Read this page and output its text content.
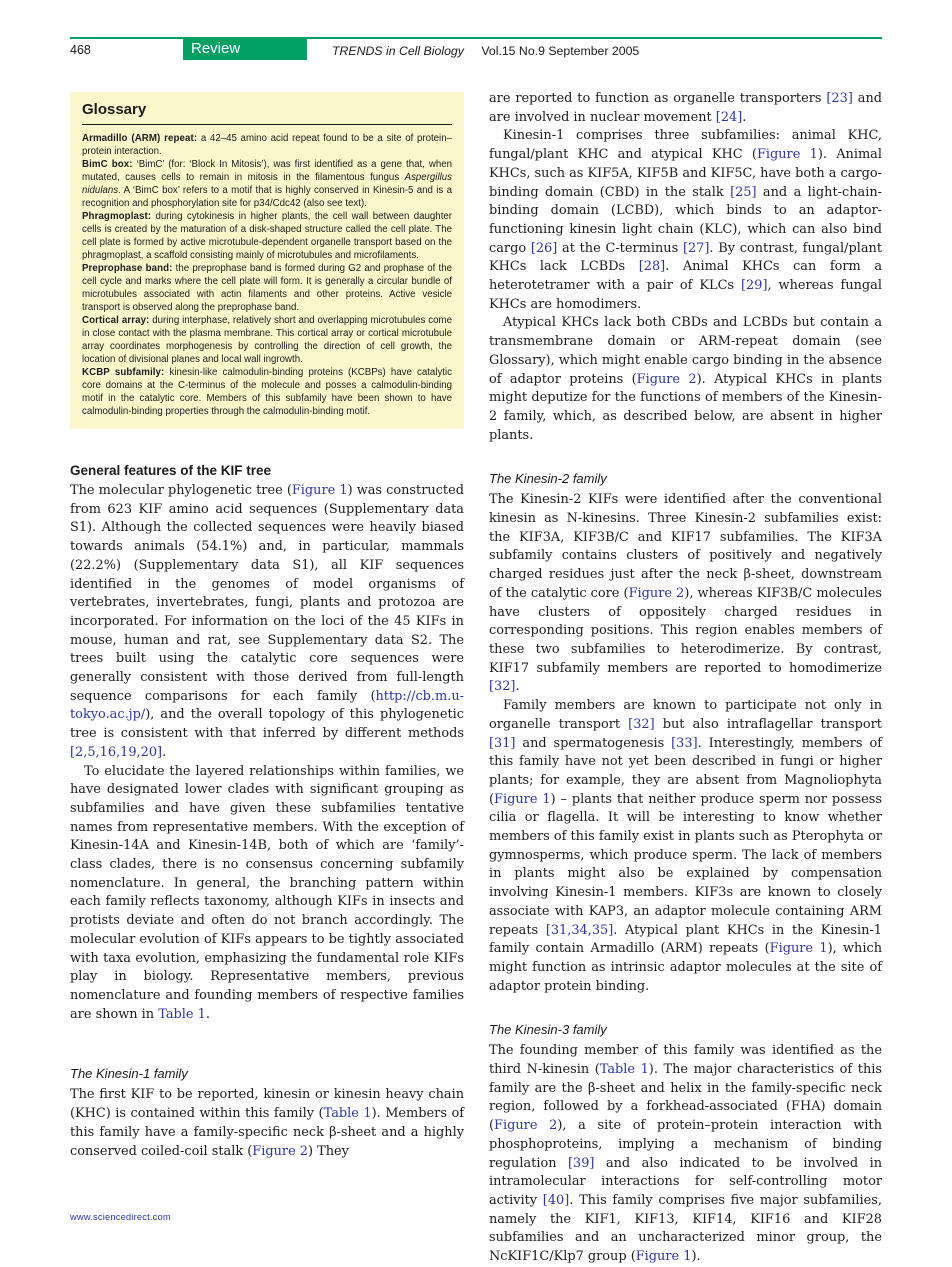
468	Review	TRENDS in Cell Biology Vol.15 No.9 September 2005
Glossary

Armadillo (ARM) repeat: a 42–45 amino acid repeat found to be a site of protein–protein interaction.

BimC box: ‘BimC’ (for: ‘Block In Mitosis’), was first identified as a gene that, when mutated, causes cells to remain in mitosis in the filamentous fungus Aspergillus nidulans. A ‘BimC box’ refers to a motif that is highly conserved in Kinesin-5 and is a recognition and phosphorylation site for p34/Cdc42 (also see text).

Phragmoplast: during cytokinesis in higher plants, the cell wall between daughter cells is created by the maturation of a disk-shaped structure called the cell plate. The cell plate is formed by active microtubule-dependent organelle transport based on the phragmoplast, a scaffold consisting mainly of microtubules and microfilaments.

Preprophase band: the preprophase band is formed during G2 and prophase of the cell cycle and marks where the cell plate will form. It is generally a circular bundle of microtubules associated with actin filaments and other proteins. Active vesicle transport is observed along the preprophase band.

Cortical array: during interphase, relatively short and overlapping microtubules come in close contact with the plasma membrane. This cortical array or cortical microtubule array coordinates morphogenesis by controlling the direction of cell growth, the location of divisional planes and local wall ingrowth.

KCBP subfamily: kinesin-like calmodulin-binding proteins (KCBPs) have catalytic core domains at the C-terminus of the molecule and posses a calmodulin-binding motif in the catalytic core. Members of this subfamily have been shown to have calmodulin-binding properties through the calmodulin-binding motif.

General features of the KIF tree

The molecular phylogenetic tree (Figure 1) was constructed from 623 KIF amino acid sequences (Supplementary data S1). Although the collected sequences were heavily biased towards animals (54.1%) and, in particular, mammals (22.2%) (Supplementary data S1), all KIF sequences identified in the genomes of model organisms of vertebrates, invertebrates, fungi, plants and protozoa are incorporated. For information on the loci of the 45 KIFs in mouse, human and rat, see Supplementary data S2. The trees built using the catalytic core sequences were generally consistent with those derived from full-length sequence comparisons for each family (http://cb.m.u-tokyo.ac.jp/), and the overall topology of this phylogenetic tree is consistent with that inferred by different methods [2,5,16,19,20].

To elucidate the layered relationships within families, we have designated lower clades with significant grouping as subfamilies and have given these subfamilies tentative names from representative members. With the exception of Kinesin-14A and Kinesin-14B, both of which are ‘family’-class clades, there is no consensus concerning subfamily nomenclature. In general, the branching pattern within each family reflects taxonomy, although KIFs in insects and protists deviate and often do not branch accordingly. The molecular evolution of KIFs appears to be tightly associated with taxa evolution, emphasizing the fundamental role KIFs play in biology. Representative members, previous nomenclature and founding members of respective families are shown in Table 1.

The Kinesin-1 family

The first KIF to be reported, kinesin or kinesin heavy chain (KHC) is contained within this family (Table 1). Members of this family have a family-specific neck β-sheet and a highly conserved coiled-coil stalk (Figure 2) They

are reported to function as organelle transporters [23] and are involved in nuclear movement [24].

Kinesin-1 comprises three subfamilies: animal KHC, fungal/plant KHC and atypical KHC (Figure 1). Animal KHCs, such as KIF5A, KIF5B and KIF5C, have both a cargo-binding domain (CBD) in the stalk [25] and a light-chain-binding domain (LCBD), which binds to an adaptor-functioning kinesin light chain (KLC), which can also bind cargo [26] at the C-terminus [27]. By contrast, fungal/plant KHCs lack LCBDs [28]. Animal KHCs can form a heterotetramer with a pair of KLCs [29], whereas fungal KHCs are homodimers.

Atypical KHCs lack both CBDs and LCBDs but contain a transmembrane domain or ARM-repeat domain (see Glossary), which might enable cargo binding in the absence of adaptor proteins (Figure 2). Atypical KHCs in plants might deputize for the functions of members of the Kinesin-2 family, which, as described below, are absent in higher plants.

The Kinesin-2 family

The Kinesin-2 KIFs were identified after the conventional kinesin as N-kinesins. Three Kinesin-2 subfamilies exist: the KIF3A, KIF3B/C and KIF17 subfamilies. The KIF3A subfamily contains clusters of positively and negatively charged residues just after the neck β-sheet, downstream of the catalytic core (Figure 2), whereas KIF3B/C molecules have clusters of oppositely charged residues in corresponding positions. This region enables members of these two subfamilies to heterodimerize. By contrast, KIF17 subfamily members are reported to homodimerize [32].

Family members are known to participate not only in organelle transport [32] but also intraflagellar transport [31] and spermatogenesis [33]. Interestingly, members of this family have not yet been described in fungi or higher plants; for example, they are absent from Magnoliophyta (Figure 1) – plants that neither produce sperm nor possess cilia or flagella. It will be interesting to know whether members of this family exist in plants such as Pterophyta or gymnosperms, which produce sperm. The lack of members in plants might also be explained by compensation involving Kinesin-1 members. KIF3s are known to closely associate with KAP3, an adaptor molecule containing ARM repeats [31,34,35]. Atypical plant KHCs in the Kinesin-1 family contain Armadillo (ARM) repeats (Figure 1), which might function as intrinsic adaptor molecules at the site of adaptor protein binding.

The Kinesin-3 family

The founding member of this family was identified as the third N-kinesin (Table 1). The major characteristics of this family are the β-sheet and helix in the family-specific neck region, followed by a forkhead-associated (FHA) domain (Figure 2), a site of protein–protein interaction with phosphoproteins, implying a mechanism of binding regulation [39] and also indicated to be involved in intramolecular interactions for self-controlling motor activity [40]. This family comprises five major subfamilies, namely the KIF1, KIF13, KIF14, KIF16 and KIF28 subfamilies and an uncharacterized minor group, the NcKIF1C/Klp7 group (Figure 1).

www.sciencedirect.com
